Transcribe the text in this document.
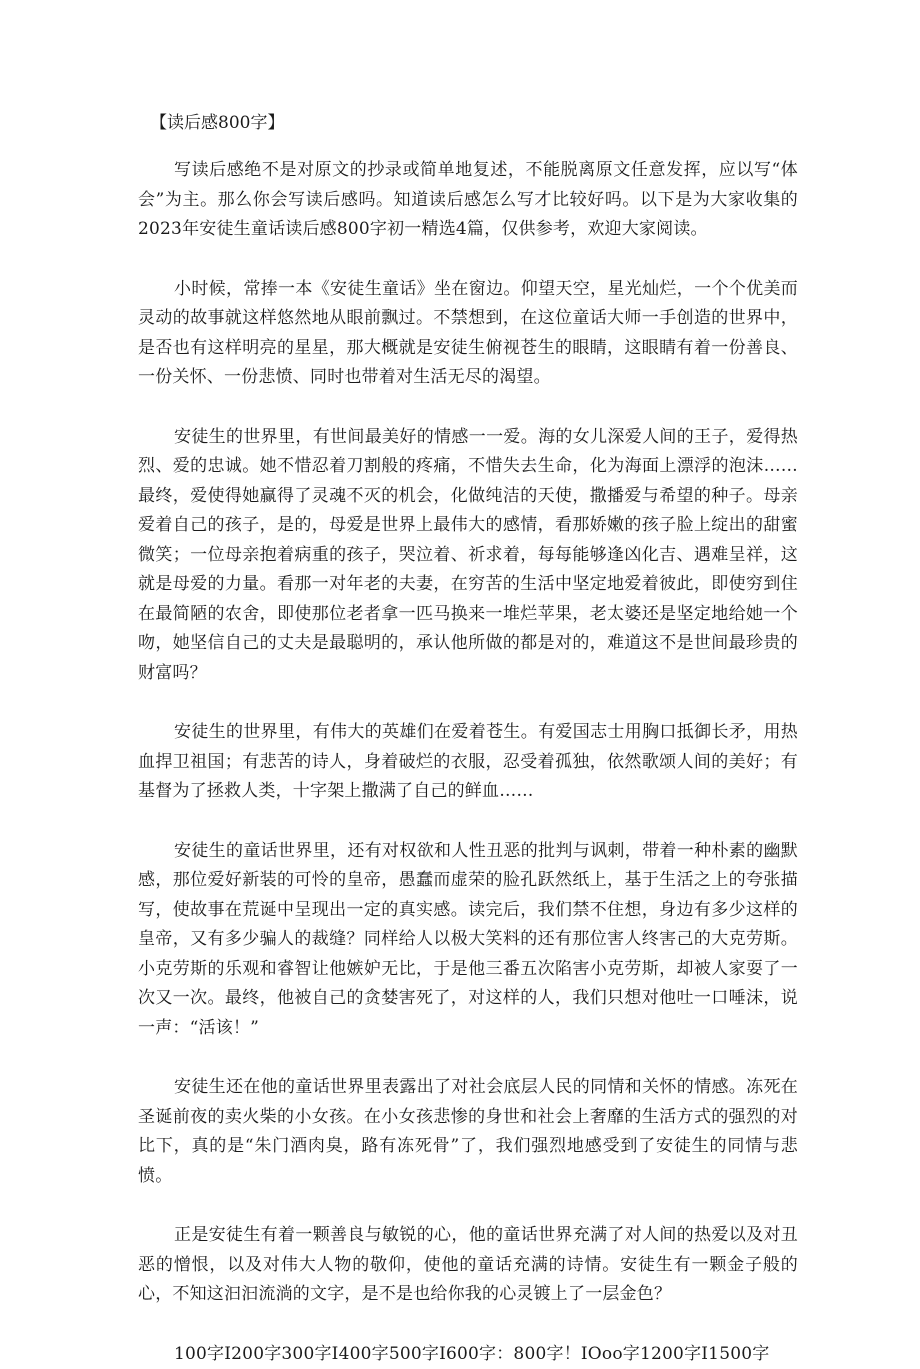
【读后感800字】

写读后感绝不是对原文的抄录或简单地复述，不能脱离原文任意发挥，应以写“体会”为主。那么你会写读后感吗。知道读后感怎么写才比较好吗。以下是为大家收集的2023年安徒生童话读后感800字初一精选4篇，仅供参考，欢迎大家阅读。

小时候，常捧一本《安徒生童话》坐在窗边。仰望天空，星光灿烂，一个个优美而灵动的故事就这样悠然地从眼前飘过。不禁想到，在这位童话大师一手创造的世界中，是否也有这样明亮的星星，那大概就是安徒生俯视苍生的眼睛，这眼睛有着一份善良、一份关怀、一份悲愤、同时也带着对生活无尽的渴望。

安徒生的世界里，有世间最美好的情感一一爱。海的女儿深爱人间的王子，爱得热烈、爱的忠诚。她不惜忍着刀割般的疼痛，不惜失去生命，化为海面上漂浮的泡沫……最终，爱使得她赢得了灵魂不灭的机会，化做纯洁的天使，撒播爱与希望的种子。母亲爱着自己的孩子，是的，母爱是世界上最伟大的感情，看那娇嫩的孩子脸上绽出的甜蜜微笑；一位母亲抱着病重的孩子，哭泣着、祈求着，每每能够逢凶化吉、遇难呈祥，这就是母爱的力量。看那一对年老的夫妻，在穷苦的生活中坚定地爱着彼此，即使穷到住在最简陋的农舍，即使那位老者拿一匹马换来一堆烂苹果，老太婆还是坚定地给她一个吻，她坚信自己的丈夫是最聪明的，承认他所做的都是对的，难道这不是世间最珍贵的财富吗？

安徒生的世界里，有伟大的英雄们在爱着苍生。有爱国志士用胸口抵御长矛，用热血捍卫祖国；有悲苦的诗人，身着破烂的衣服，忍受着孤独，依然歌颂人间的美好；有基督为了拯救人类，十字架上撒满了自己的鲜血……

安徒生的童话世界里，还有对权欲和人性丑恶的批判与讽刺，带着一种朴素的幽默感，那位爱好新装的可怜的皇帝，愚蠢而虚荣的脸孔跃然纸上，基于生活之上的夸张描写，使故事在荒诞中呈现出一定的真实感。读完后，我们禁不住想，身边有多少这样的皇帝，又有多少骗人的裁缝？同样给人以极大笑料的还有那位害人终害己的大克劳斯。小克劳斯的乐观和睿智让他嫉妒无比，于是他三番五次陷害小克劳斯，却被人家耍了一次又一次。最终，他被自己的贪婪害死了，对这样的人，我们只想对他吐一口唾沫，说一声：“活该！”

安徒生还在他的童话世界里表露出了对社会底层人民的同情和关怀的情感。冻死在圣诞前夜的卖火柴的小女孩。在小女孩悲惨的身世和社会上奢靡的生活方式的强烈的对比下，真的是“朱门酒肉臭，路有冻死骨”了，我们强烈地感受到了安徒生的同情与悲愤。

正是安徒生有着一颗善良与敏锐的心，他的童话世界充满了对人间的热爱以及对丑恶的憎恨，以及对伟大人物的敬仰，使他的童话充满的诗情。安徒生有一颗金子般的心，不知这汩汩流淌的文字，是不是也给你我的心灵镀上了一层金色？

100字I200字300字I400字500字I600字：800字！IOoo字1200字I1500字
